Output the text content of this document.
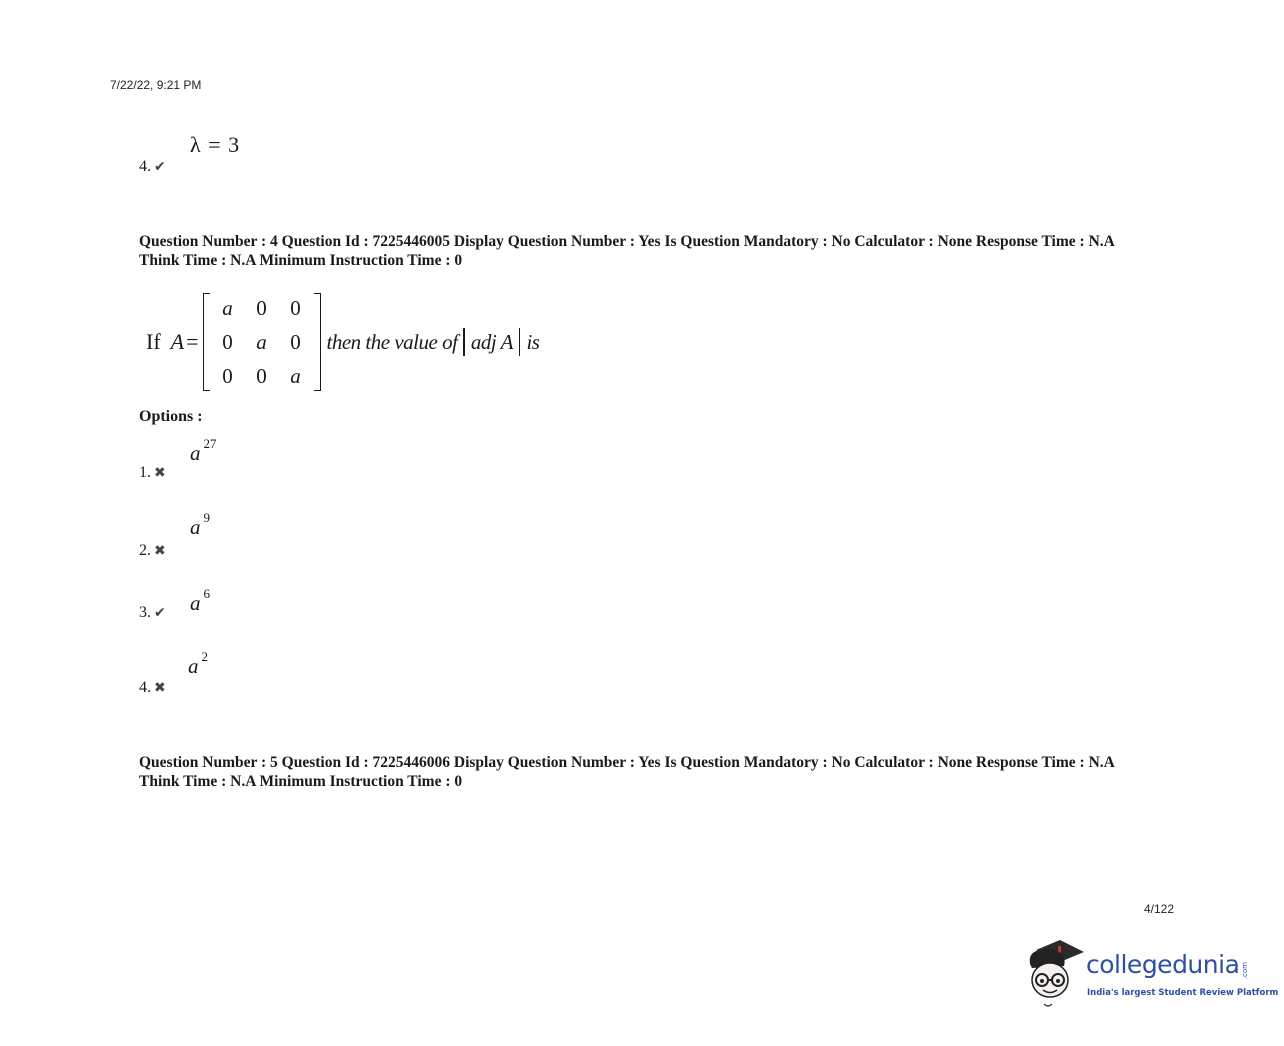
7/22/22, 9:21 PM
4. ✔
λ = 3
Question Number : 4 Question Id : 7225446005 Display Question Number : Yes Is Question Mandatory : No Calculator : None Response Time : N.A Think Time : N.A Minimum Instruction Time : 0
If A =
a	0	0
0	a	0
0	0	a
then the value of adj A is
Options :
1. ✖
a $^{27}$
2. ✖
a $^9$
3. ✔ a $^6$
4. ✖
a $^2$
Question Number : 5 Question Id : 7225446006 Display Question Number : Yes Is Question Mandatory : No Calculator : None Response Time : N.A Think Time : N.A Minimum Instruction Time : 0
4/122
collegedunia .com
India's largest Student Review Platform
